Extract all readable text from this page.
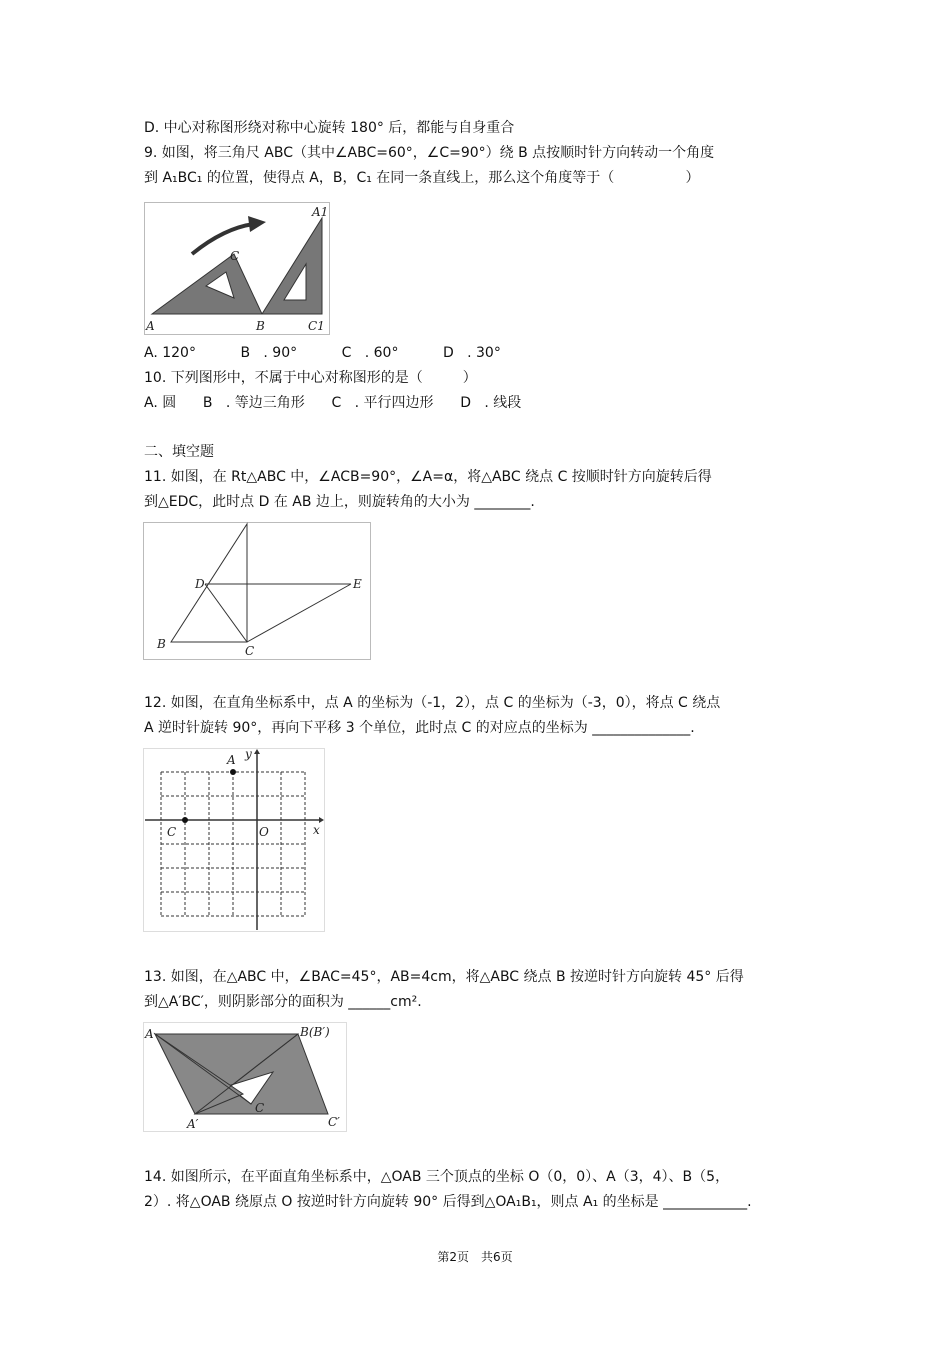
D. 中心对称图形绕对称中心旋转 180° 后，都能与自身重合
9. 如图，将三角尺 ABC（其中∠ABC=60°，∠C=90°）绕 B 点按顺时针方向转动一个角度
到 A₁BC₁ 的位置，使得点 A，B，C₁ 在同一条直线上，那么这个角度等于（                ）
A	B
C
A1
C1
A. 120°          B   . 90°          C   . 60°          D   . 30°
10. 下列图形中，不属于中心对称图形的是（         ）
A. 圆      B   . 等边三角形      C   . 平行四边形      D   . 线段
二、填空题
11. 如图，在 Rt△ABC 中，∠ACB=90°，∠A=α，将△ABC 绕点 C 按顺时针方向旋转后得
到△EDC，此时点 D 在 AB 边上，则旋转角的大小为 ________.
D	E
B	C
12. 如图，在直角坐标系中，点 A 的坐标为（-1，2），点 C 的坐标为（-3，0），将点 C 绕点
A 逆时针旋转 90°，再向下平移 3 个单位，此时点 C 的对应点的坐标为 ______________.
A y
C	O	x
13. 如图，在△ABC 中，∠BAC=45°，AB=4cm，将△ABC 绕点 B 按逆时针方向旋转 45° 后得
到△A′BC′，则阴影部分的面积为 ______cm².
A	B(B′)
C
A′	C′
14. 如图所示，在平面直角坐标系中，△OAB 三个顶点的坐标 O（0，0）、A（3，4）、B（5，
2）. 将△OAB 绕原点 O 按逆时针方向旋转 90° 后得到△OA₁B₁，则点 A₁ 的坐标是 ____________.
第2页　共6页
